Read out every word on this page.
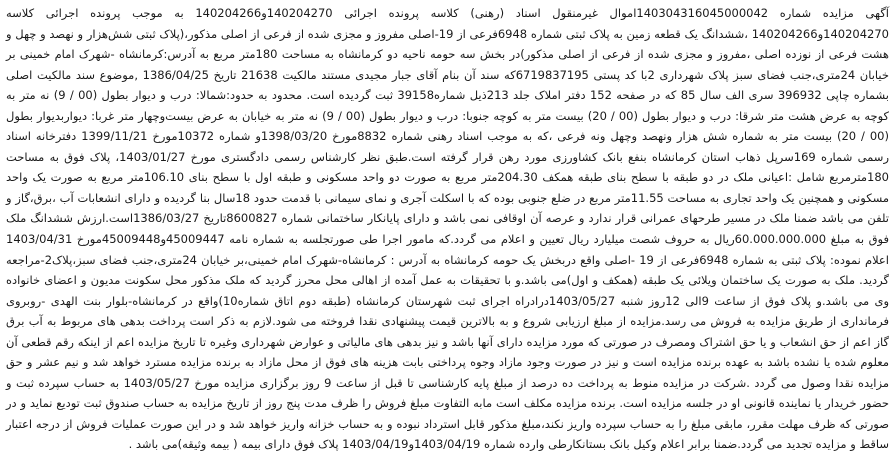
آگهی مزایده شماره 140304316045000042اموال غیرمنقول اسناد (رهنی) کلاسه پرونده اجرائی 140204270و140204266 به موجب پرونده اجرائی کلاسه 140204270و140204266 ،ششدانگ یک قطعه زمین به پلاک ثبتی شماره 6948فرعی از 19-اصلی مفروز و مجزی شده از فرعی از اصلی مذکور،(پلاک ثبتی شش‌هزار و نهصد و چهل و هشت فرعی از نوزده اصلی ،مفروز و مجزی شده از فرعی از اصلی مذکور)در بخش سه حومه ناحیه دو کرمانشاه به مساحت 180متر مربع به آدرس:کرمانشاه -شهرک امام خمینی بر خیابان 24متری،جنب فضای سبز پلاک شهرداری 2با کد پستی 6719837195که سند آن بنام آقای جبار مجیدی مستند مالکیت 21638 تاریخ 1386/04/25 ,موضوع سند مالکیت اصلی بشماره چاپی 396932 سری الف سال 85 که در صفحه 152 دفتر املاک جلد 213ذیل شماره39158 ثبت گردیده است. محدود به حدود:شمالا: درب و دیوار بطول (00 / 9) نه متر به کوچه به عرض هشت متر شرقا: درب و دیوار بطول (00 / 20) بیست متر به کوچه جنوبا: درب و دیوار بطول (00 / 9) نه متر به خیابان به عرض بیست‌وچهار متر غربا: دیواربدیوار بطول (00 / 20) بیست متر به شماره شش هزار ونهصد وچهل ونه فرعی ،که به موجب اسناد رهنی شماره 8832مورخ 1398/03/20و شماره 10372مورخ 1399/11/21 دفترخانه اسناد رسمی شماره 169سرپل ذهاب استان کرمانشاه بنفع بانک کشاورزی مورد رهن قرار گرفته است.طبق نظر کارشناس رسمی دادگستری مورخ 1403/01/27، پلاک فوق به مساحت 180مترمربع شامل :اعیانی ملک در دو طبقه با سطح بنای طبقه همکف 204.30متر مربع به صورت دو واحد مسکونی و طبقه اول با سطح بنای 106.10متر مربع به صورت یک واحد مسکونی و همچنین یک واحد تجاری به مساحت 11.55متر مربع در ضلع جنوبی بوده که با اسکلت آجری و نمای سیمانی با قدمت حدود 18سال بنا گردیده و دارای انشعابات آب ،برق،گاز و تلفن می باشد ضمنا ملک در مسیر طرحهای عمرانی قرار ندارد و عرصه آن اوقافی نمی باشد و دارای پایانکار ساختمانی شماره 8600827تاریخ 1386/03/27است.ارزش ششدانگ ملک فوق به مبلغ 60.000.000.000ریال به حروف شصت میلیارد ریال تعیین و اعلام می گردد.که مامور اجرا طی صورتجلسه به شماره نامه 45009447و45009448مورخ 1403/04/31 اعلام نموده: پلاک ثبتی به شماره 6948فرعی از 19 -اصلی واقع دربخش یک حومه کرمانشاه به آدرس : کرمانشاه-شهرک امام خمینی،بر خیابان 24متری،جنب فضای سبز،پلاک2-مراجعه گردید. ملک به صورت یک ساختمان ویلائی یک طبقه (همکف و اول)می باشد.و با تحقیقات به عمل آمده از اهالی محل محرز گردید که ملک مذکور محل سکونت مدیون و اعضای خانواده وی می باشد.و پلاک فوق از ساعت 9الی 12روز شنبه 1403/05/27درادراه اجرای ثبت شهرستان کرمانشاه (طبقه دوم اتاق شماره10)واقع در کرمانشاه-بلوار بنت الهدی -روبروی فرمانداری از طریق مزایده به فروش می رسد.مزایده از مبلغ ارزیابی شروع و به بالاترین قیمت پیشنهادی نقدا فروخته می شود.لازم به ذکر است پرداخت بدهی های مربوط به آب برق گاز اعم از حق انشعاب و یا حق اشتراک ومصرف در صورتی که مورد مزایده دارای آنها باشد و نیز بدهی های مالیاتی و عوارض شهرداری وغیره تا تاریخ مزایده اعم از اینکه رقم قطعی آن معلوم شده یا نشده باشد به عهده برنده مزایده است و نیز در صورت وجود مازاد وجوه پرداختی بابت هزینه های فوق از محل مازاد به برنده مزایده مسترد خواهد شد و نیم عشر و حق مزایده نقدا وصول می گردد .شرکت در مزایده منوط به پرداخت ده درصد از مبلغ پایه کارشناسی تا قبل از ساعت 9 روز برگزاری مزایده مورخ 1403/05/27 به حساب سپرده ثبت و حضور خریدار یا نماینده قانونی او در جلسه مزایده است. برنده مزایده مکلف است مابه التفاوت مبلغ فروش را ظرف مدت پنج روز از تاریخ مزایده به حساب صندوق ثبت تودیع نماید و در صورتی که ظرف مهلت مقرر، مابقی مبلغ را به حساب سپرده واریز نکند،مبلغ مذکور قابل استرداد نبوده و به حساب خزانه واریز خواهد شد و در این صورت عملیات فروش از درجه اعتبار ساقط و مزایده تجدید می گردد.ضمنا برابر اعلام وکیل بانک بستانکارطی وارده شماره 1403/04/19و1403/04/19 پلاک فوق دارای بیمه ( بیمه وثیقه)می باشد .
